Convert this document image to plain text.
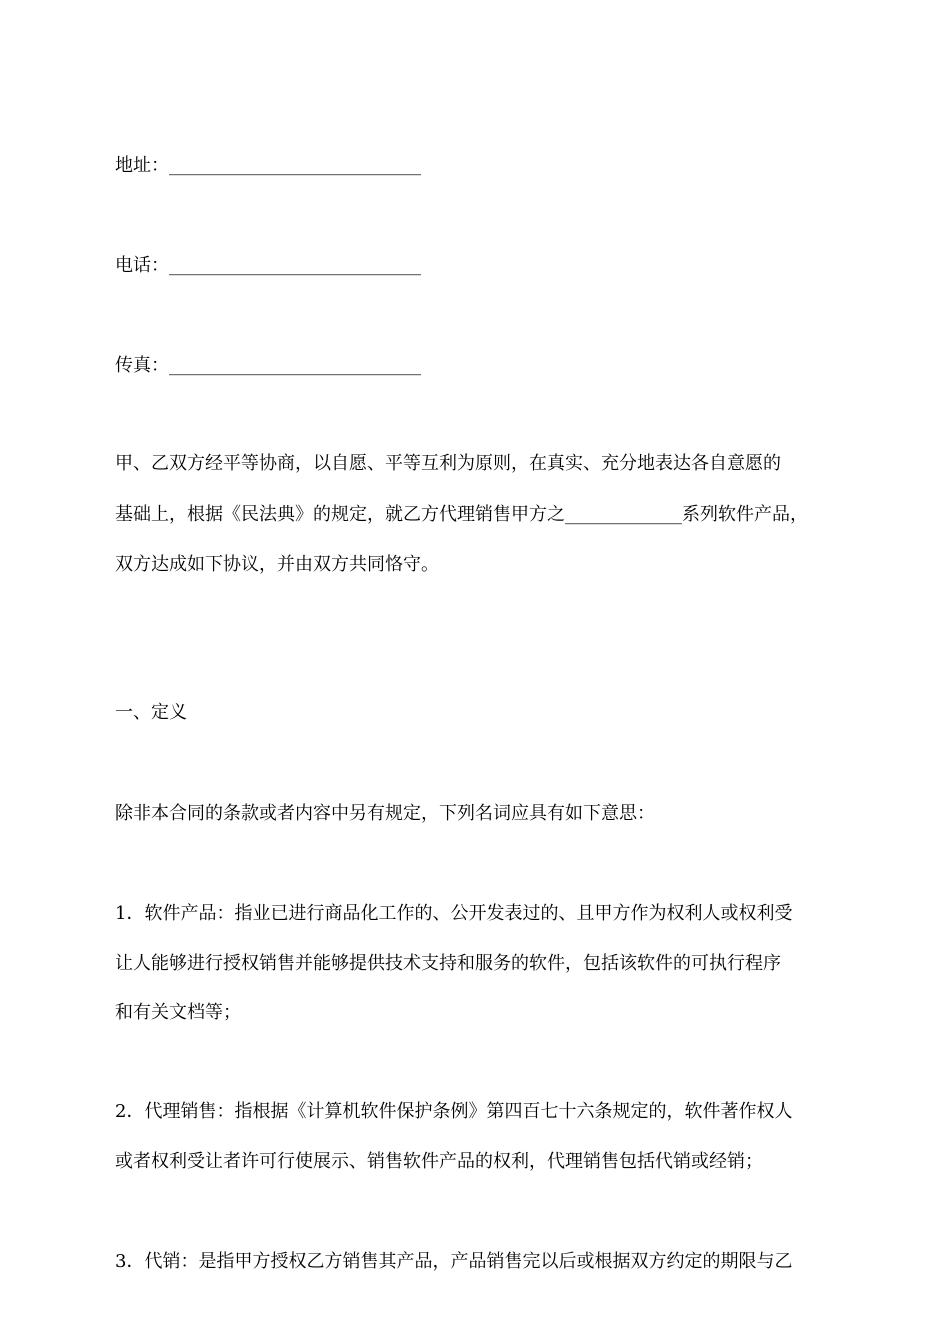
地址：____________________________
电话：____________________________
传真：____________________________
甲、乙双方经平等协商，以自愿、平等互利为原则，在真实、充分地表达各自意愿的
基础上，根据《民法典》的规定，就乙方代理销售甲方之_____________系列软件产品，
双方达成如下协议，并由双方共同恪守。
一、定义
除非本合同的条款或者内容中另有规定，下列名词应具有如下意思：
1．软件产品：指业已进行商品化工作的、公开发表过的、且甲方作为权利人或权利受
让人能够进行授权销售并能够提供技术支持和服务的软件，包括该软件的可执行程序
和有关文档等；
2．代理销售：指根据《计算机软件保护条例》第四百七十六条规定的，软件著作权人
或者权利受让者许可行使展示、销售软件产品的权利，代理销售包括代销或经销；
3．代销：是指甲方授权乙方销售其产品，产品销售完以后或根据双方约定的期限与乙
